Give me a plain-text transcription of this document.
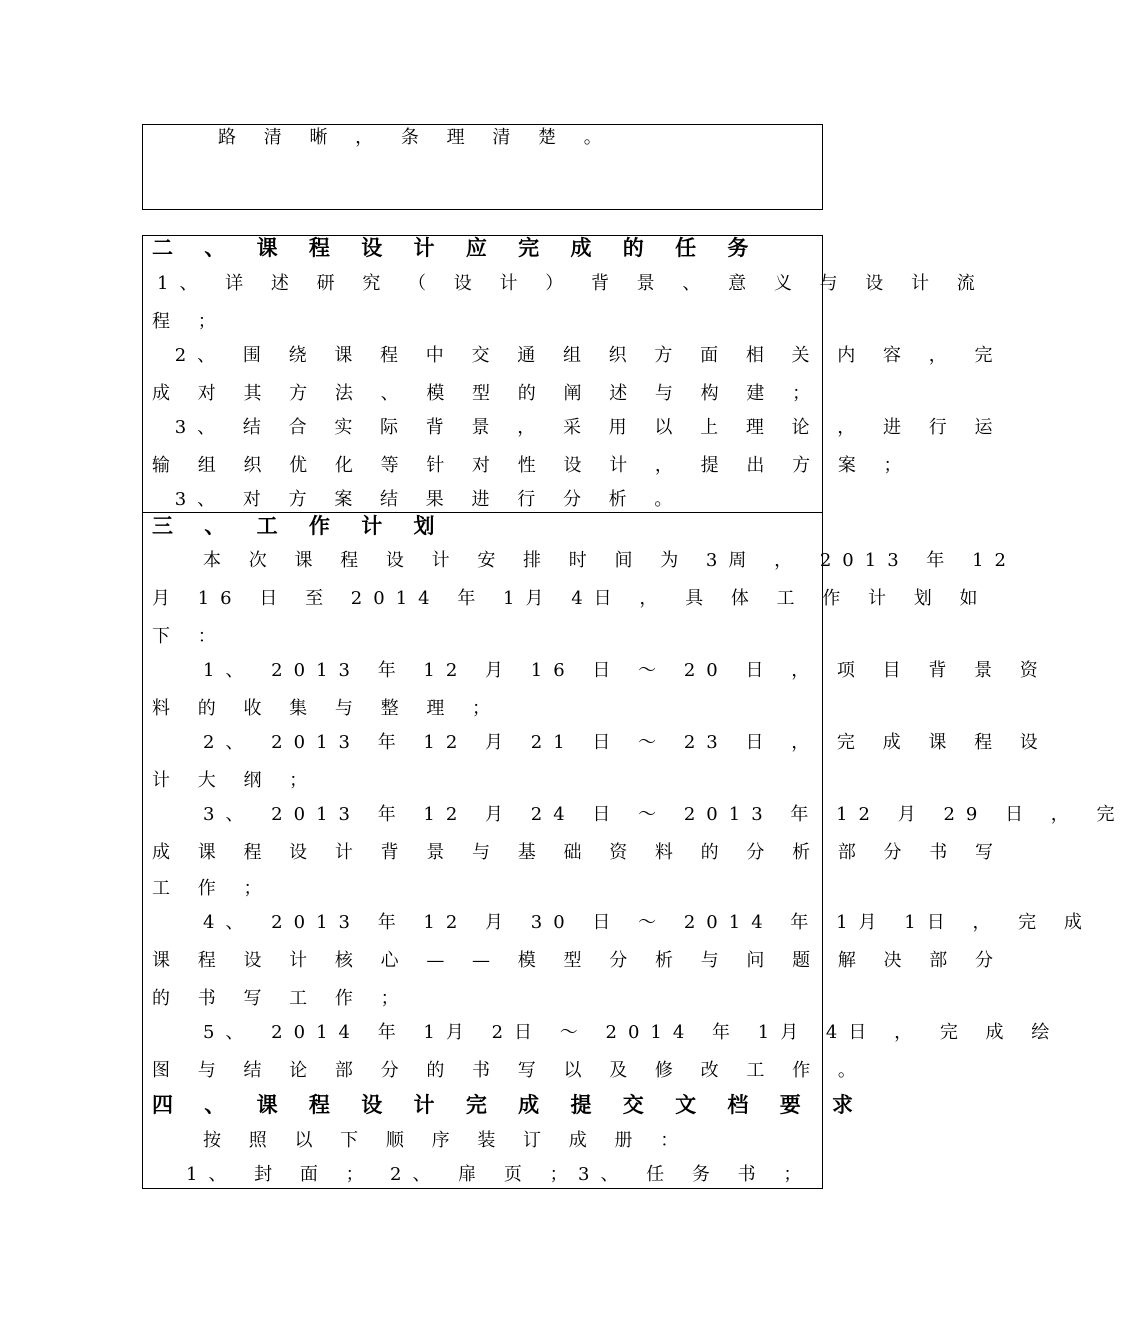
路 清 晰 ， 条 理 清 楚 。
二 、 课 程 设 计 应 完 成 的 任 务
1、 详 述 研 究 （ 设 计 ） 背 景 、 意 义 与 设 计 流
程 ；
2、 围 绕 课 程 中 交 通 组 织 方 面 相 关 内 容 ， 完
成 对 其 方 法 、 模 型 的 阐 述 与 构 建 ；
3、 结 合 实 际 背 景 ， 采 用 以 上 理 论 ， 进 行 运
输 组 织 优 化 等 针 对 性 设 计 ， 提 出 方 案 ；
3、 对 方 案 结 果 进 行 分 析 。
三 、 工 作 计 划
本 次 课 程 设 计 安 排 时 间 为 3周 ， 2013 年 12
月 16 日 至 2014 年 1月 4日 ， 具 体 工 作 计 划 如
下 ：
1、 2013 年 12 月 16 日 ～ 20 日 ， 项 目 背 景 资
料 的 收 集 与 整 理 ；
2、 2013 年 12 月 21 日 ～ 23 日 ， 完 成 课 程 设
计 大 纲 ；
3、 2013 年 12 月 24 日 ～ 2013 年 12 月 29 日 ， 完
成 课 程 设 计 背 景 与 基 础 资 料 的 分 析 部 分 书 写
工 作 ；
4、 2013 年 12 月 30 日 ～ 2014 年 1月 1日 ， 完 成
课 程 设 计 核 心 — — 模 型 分 析 与 问 题 解 决 部 分
的 书 写 工 作 ；
5、 2014 年 1月 2日 ～ 2014 年 1月 4日 ， 完 成 绘
图 与 结 论 部 分 的 书 写 以 及 修 改 工 作 。
四 、 课 程 设 计 完 成 提 交 文 档 要 求
按 照 以 下 顺 序 装 订 成 册 ：
1、 封 面 ； 2、 扉 页 ； 3、 任 务 书 ；
